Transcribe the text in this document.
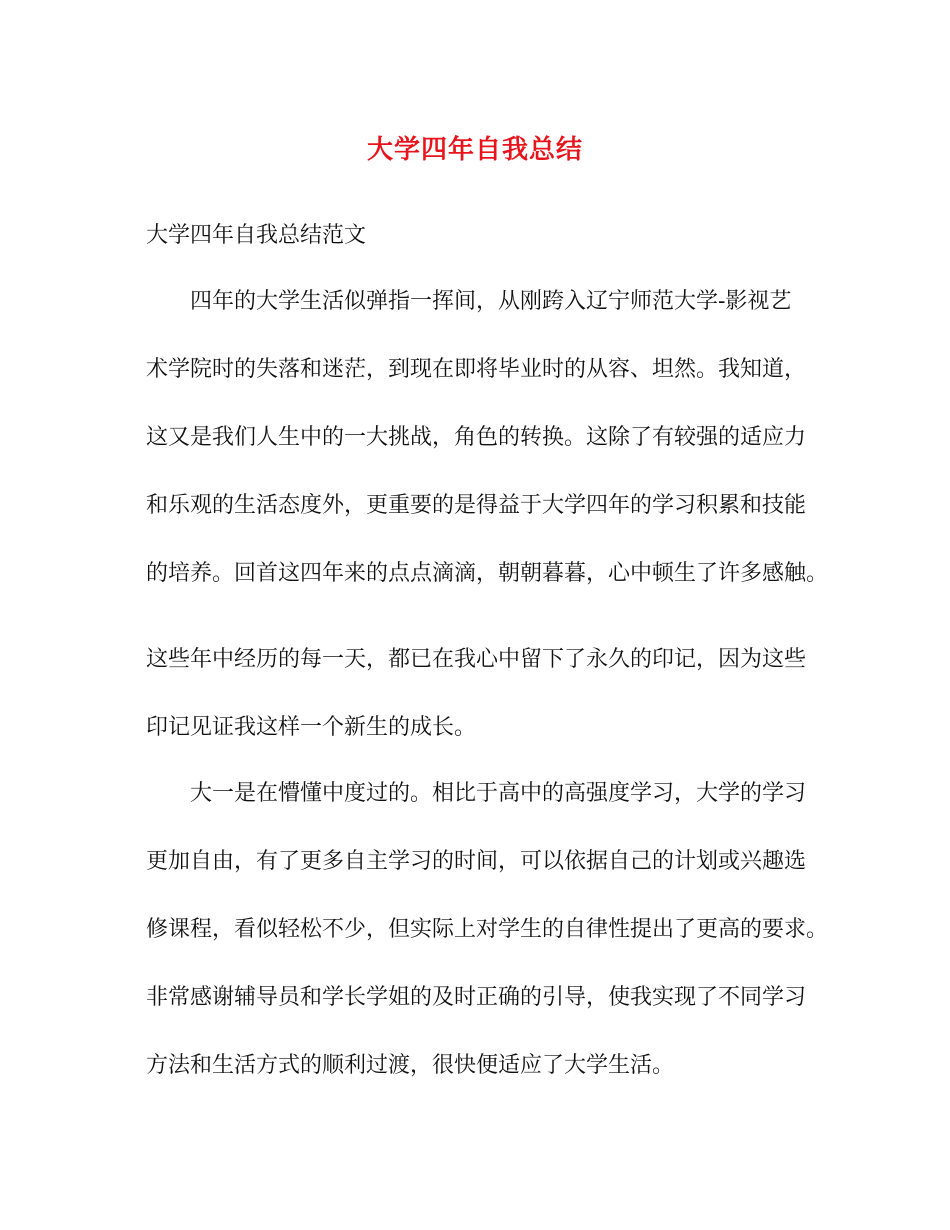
大学四年自我总结
大学四年自我总结范文
四年的大学生活似弹指一挥间，从刚跨入辽宁师范大学-影视艺
术学院时的失落和迷茫，到现在即将毕业时的从容、坦然。我知道，
这又是我们人生中的一大挑战，角色的转换。这除了有较强的适应力
和乐观的生活态度外，更重要的是得益于大学四年的学习积累和技能
的培养。回首这四年来的点点滴滴，朝朝暮暮，心中顿生了许多感触。
这些年中经历的每一天，都已在我心中留下了永久的印记，因为这些
印记见证我这样一个新生的成长。
大一是在懵懂中度过的。相比于高中的高强度学习，大学的学习
更加自由，有了更多自主学习的时间，可以依据自己的计划或兴趣选
修课程，看似轻松不少，但实际上对学生的自律性提出了更高的要求。
非常感谢辅导员和学长学姐的及时正确的引导，使我实现了不同学习
方法和生活方式的顺利过渡，很快便适应了大学生活。
